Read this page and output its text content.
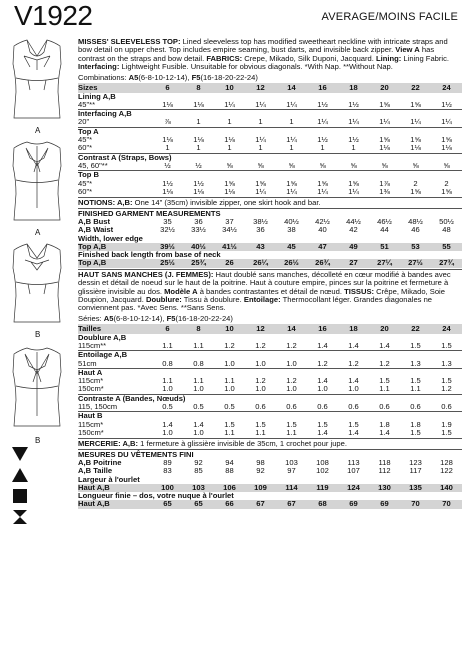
V1922	AVERAGE/MOINS FACILE
A
A
B
B

MISSES' SLEEVELESS TOP: Lined sleeveless top has modified sweetheart neckline with intricate straps and bow detail on upper chest. Top includes empire seaming, bust darts, and invisible back zipper. View A has contrast on the straps and bow detail. FABRICS: Crepe, Mikado, Silk Duponi, Jacquard. Lining: Lining Fabric. Interfacing: Lightweight Fusible. Unsuitable for obvious diagonals. *With Nap. **Without Nap.

Combinations: A5(6-8-10-12-14), F5(16-18-20-22-24)
Sizes	6	8	10	12	14	16	18	20	22	24
Lining A,B										
45"**	1⅛	1⅛	1¼	1¼	1¼	1½	1½	1⅝	1⅝	1½
Interfacing A,B										
20"	⅞	1	1	1	1	1¼	1¼	1¼	1¼	1¼
Top A										
45"*	1⅛	1⅛	1⅛	1¼	1¼	1½	1½	1⅝	1⅝	1⅝
60"*	1	1	1	1	1	1	1	1⅛	1⅛	1⅛
Contrast A (Straps, Bows)										
45, 60"**	½	½	⅝	⅝	⅝	⅝	⅝	⅝	⅝	⅝
Top B										
45"*	1½	1½	1⅝	1⅝	1⅝	1⅝	1⅝	1⅞	2	2
60"*	1⅛	1⅛	1⅛	1¼	1¼	1¼	1¼	1⅜	1⅝	1⅝
NOTIONS: A,B: One 14" (35cm) invisible zipper, one skirt hook and bar.
FINISHED GARMENT MEASUREMENTS
A,B Bust	35	36	37	38½	40½	42½	44½	46½	48½	50½
A,B Waist	32½	33½	34½	36	38	40	42	44	46	48
Width, lower edge										
Top A,B	39½	40½	41½	43	45	47	49	51	53	55
Finished back length from base of neck										
Top A,B	25½	25¾	26	26¼	26½	26¾	27	27¼	27½	27¾

HAUT SANS MANCHES (J. FEMMES): Haut doublé sans manches, décolleté en cœur modifié à bandes avec dessin et détail de noeud sur le haut de la poitrine. Haut à couture empire, pinces sur la poitrine et fermeture à glissière invisible au dos. Modèle A à bandes contrastantes et détail de nœud. TISSUS: Crêpe, Mikado, Soie Doupion, Jacquard. Doublure: Tissu à doublure. Entoilage: Thermocollant léger. Grandes diagonales ne conviennent pas. *Avec Sens. **Sans Sens.

Séries: A5(6-8-10-12-14), F5(16-18-20-22-24)
Tailles	6	8	10	12	14	16	18	20	22	24
Doublure A,B										
115cm**	1.1	1.1	1.2	1.2	1.2	1.4	1.4	1.4	1.5	1.5
Entoilage A,B										
51cm	0.8	0.8	1.0	1.0	1.0	1.2	1.2	1.2	1.3	1.3
Haut A										
115cm*	1.1	1.1	1.1	1.2	1.2	1.4	1.4	1.5	1.5	1.5
150cm*	1.0	1.0	1.0	1.0	1.0	1.0	1.0	1.1	1.1	1.2
Contraste A (Bandes, Nœuds)										
115, 150cm	0.5	0.5	0.5	0.6	0.6	0.6	0.6	0.6	0.6	0.6
Haut B										
115cm*	1.4	1.4	1.5	1.5	1.5	1.5	1.5	1.8	1.8	1.9
150cm*	1.0	1.0	1.1	1.1	1.1	1.4	1.4	1.4	1.5	1.5
MERCERIE: A,B: 1 fermeture à glissière invisible de 35cm, 1 crochet pour jupe.
MESURES DU VÊTEMENTS FINI
A,B Poitrine	89	92	94	98	103	108	113	118	123	128
A,B Taille	83	85	88	92	97	102	107	112	117	122
Largeur à l'ourlet										
Haut A,B	100	103	106	109	114	119	124	130	135	140
Longueur finie – dos, votre nuque à l'ourlet										
Haut A,B	65	65	66	67	67	68	69	69	70	70
